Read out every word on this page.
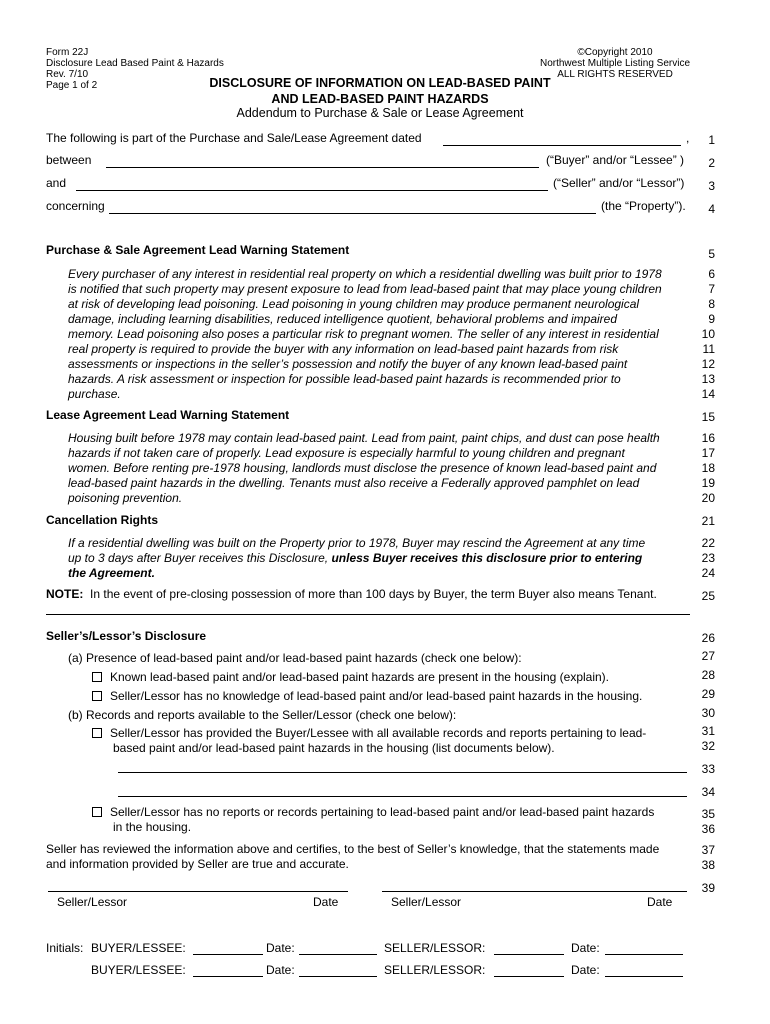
Form 22J
Disclosure Lead Based Paint & Hazards
Rev. 7/10
Page 1 of 2
©Copyright 2010
Northwest Multiple Listing Service
ALL RIGHTS RESERVED
DISCLOSURE OF INFORMATION ON LEAD-BASED PAINT
AND LEAD-BASED PAINT HAZARDS
Addendum to Purchase & Sale or Lease Agreement
The following is part of the Purchase and Sale/Lease Agreement dated	,
between	(“Buyer” and/or “Lessee” )
and	(“Seller” and/or “Lessor”)
concerning	(the “Property”).
Purchase & Sale Agreement Lead Warning Statement
Every purchaser of any interest in residential real property on which a residential dwelling was built prior to 1978
is notified that such property may present exposure to lead from lead-based paint that may place young children
at risk of developing lead poisoning. Lead poisoning in young children may produce permanent neurological
damage, including learning disabilities, reduced intelligence quotient, behavioral problems and impaired
memory. Lead poisoning also poses a particular risk to pregnant women. The seller of any interest in residential
real property is required to provide the buyer with any information on lead-based paint hazards from risk
assessments or inspections in the seller’s possession and notify the buyer of any known lead-based paint
hazards. A risk assessment or inspection for possible lead-based paint hazards is recommended prior to
purchase.
Lease Agreement Lead Warning Statement
Housing built before 1978 may contain lead-based paint. Lead from paint, paint chips, and dust can pose health
hazards if not taken care of properly. Lead exposure is especially harmful to young children and pregnant
women. Before renting pre-1978 housing, landlords must disclose the presence of known lead-based paint and
lead-based paint hazards in the dwelling. Tenants must also receive a Federally approved pamphlet on lead
poisoning prevention.
Cancellation Rights
If a residential dwelling was built on the Property prior to 1978, Buyer may rescind the Agreement at any time
up to 3 days after Buyer receives this Disclosure, unless Buyer receives this disclosure prior to entering
the Agreement.
NOTE: In the event of pre-closing possession of more than 100 days by Buyer, the term Buyer also means Tenant.
Seller’s/Lessor’s Disclosure
(a) Presence of lead-based paint and/or lead-based paint hazards (check one below):
Known lead-based paint and/or lead-based paint hazards are present in the housing (explain).
Seller/Lessor has no knowledge of lead-based paint and/or lead-based paint hazards in the housing.
(b) Records and reports available to the Seller/Lessor (check one below):
Seller/Lessor has provided the Buyer/Lessee with all available records and reports pertaining to lead-
based paint and/or lead-based paint hazards in the housing (list documents below).
Seller/Lessor has no reports or records pertaining to lead-based paint and/or lead-based paint hazards
in the housing.
Seller has reviewed the information above and certifies, to the best of Seller’s knowledge, that the statements made
and information provided by Seller are true and accurate.
Seller/Lessor	Date	Seller/Lessor	Date
Initials: BUYER/LESSEE:	Date:	SELLER/LESSOR:	Date:
BUYER/LESSEE:	Date:	SELLER/LESSOR:	Date:
1
2
3
4
5
6
7
8
9
10
11
12
13
14
15
16
17
18
19
20
21
22
23
24
25
26
27
28
29
30
31
32
33
34
35
36
37
38
39
